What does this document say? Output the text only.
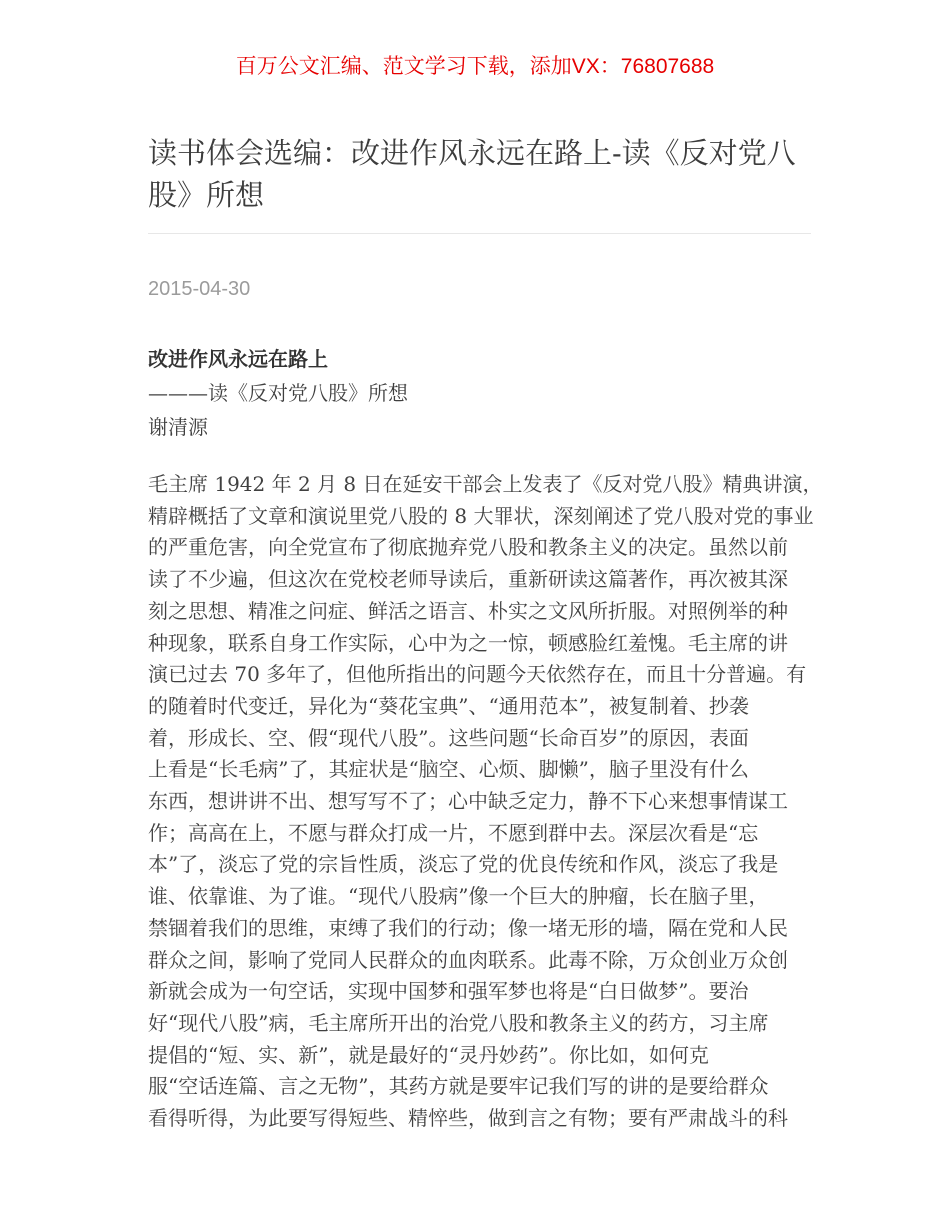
百万公文汇编、范文学习下载，添加VX：76807688
读书体会选编：改进作风永远在路上-读《反对党八股》所想
2015-04-30
改进作风永远在路上
———读《反对党八股》所想
谢清源
毛主席 1942 年 2 月 8 日在延安干部会上发表了《反对党八股》精典讲演，
精辟概括了文章和演说里党八股的 8 大罪状，深刻阐述了党八股对党的事业
的严重危害，向全党宣布了彻底抛弃党八股和教条主义的决定。虽然以前
读了不少遍，但这次在党校老师导读后，重新研读这篇著作，再次被其深
刻之思想、精准之问症、鲜活之语言、朴实之文风所折服。对照例举的种
种现象，联系自身工作实际，心中为之一惊，顿感脸红羞愧。毛主席的讲
演已过去 70 多年了，但他所指出的问题今天依然存在，而且十分普遍。有
的随着时代变迁，异化为“葵花宝典”、“通用范本”，被复制着、抄袭
着，形成长、空、假“现代八股”。这些问题“长命百岁”的原因，表面
上看是“长毛病”了，其症状是“脑空、心烦、脚懒”，脑子里没有什么
东西，想讲讲不出、想写写不了；心中缺乏定力，静不下心来想事情谋工
作；高高在上，不愿与群众打成一片，不愿到群中去。深层次看是“忘
本”了，淡忘了党的宗旨性质，淡忘了党的优良传统和作风，淡忘了我是
谁、依靠谁、为了谁。“现代八股病”像一个巨大的肿瘤，长在脑子里，
禁锢着我们的思维，束缚了我们的行动；像一堵无形的墙，隔在党和人民
群众之间，影响了党同人民群众的血肉联系。此毒不除，万众创业万众创
新就会成为一句空话，实现中国梦和强军梦也将是“白日做梦”。要治
好“现代八股”病，毛主席所开出的治党八股和教条主义的药方，习主席
提倡的“短、实、新”，就是最好的“灵丹妙药”。你比如，如何克
服“空话连篇、言之无物”，其药方就是要牢记我们写的讲的是要给群众
看得听得，为此要写得短些、精悴些，做到言之有物；要有严肃战斗的科
